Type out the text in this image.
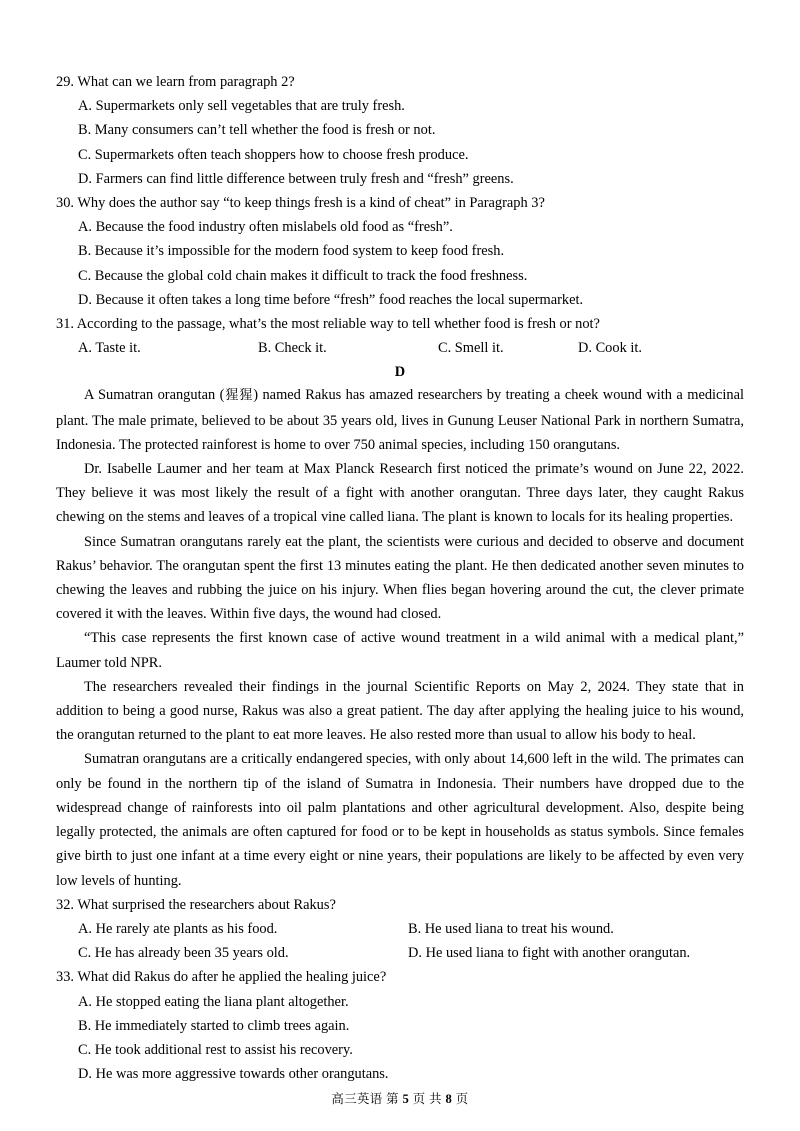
29. What can we learn from paragraph 2?
A. Supermarkets only sell vegetables that are truly fresh.
B. Many consumers can’t tell whether the food is fresh or not.
C. Supermarkets often teach shoppers how to choose fresh produce.
D. Farmers can find little difference between truly fresh and “fresh” greens.
30. Why does the author say “to keep things fresh is a kind of cheat” in Paragraph 3?
A. Because the food industry often mislabels old food as “fresh”.
B. Because it’s impossible for the modern food system to keep food fresh.
C. Because the global cold chain makes it difficult to track the food freshness.
D. Because it often takes a long time before “fresh” food reaches the local supermarket.
31. According to the passage, what’s the most reliable way to tell whether food is fresh or not?
A. Taste it.	B. Check it.	C. Smell it.	D. Cook it.
D

A Sumatran orangutan (猩猩) named Rakus has amazed researchers by treating a cheek wound with a medicinal plant. The male primate, believed to be about 35 years old, lives in Gunung Leuser National Park in northern Sumatra, Indonesia. The protected rainforest is home to over 750 animal species, including 150 orangutans.

Dr. Isabelle Laumer and her team at Max Planck Research first noticed the primate’s wound on June 22, 2022. They believe it was most likely the result of a fight with another orangutan. Three days later, they caught Rakus chewing on the stems and leaves of a tropical vine called liana. The plant is known to locals for its healing properties.

Since Sumatran orangutans rarely eat the plant, the scientists were curious and decided to observe and document Rakus’ behavior. The orangutan spent the first 13 minutes eating the plant. He then dedicated another seven minutes to chewing the leaves and rubbing the juice on his injury. When flies began hovering around the cut, the clever primate covered it with the leaves. Within five days, the wound had closed.

“This case represents the first known case of active wound treatment in a wild animal with a medical plant,” Laumer told NPR.

The researchers revealed their findings in the journal Scientific Reports on May 2, 2024. They state that in addition to being a good nurse, Rakus was also a great patient. The day after applying the healing juice to his wound, the orangutan returned to the plant to eat more leaves. He also rested more than usual to allow his body to heal.

Sumatran orangutans are a critically endangered species, with only about 14,600 left in the wild. The primates can only be found in the northern tip of the island of Sumatra in Indonesia. Their numbers have dropped due to the widespread change of rainforests into oil palm plantations and other agricultural development. Also, despite being legally protected, the animals are often captured for food or to be kept in households as status symbols. Since females give birth to just one infant at a time every eight or nine years, their populations are likely to be affected by even very low levels of hunting.

32. What surprised the researchers about Rakus?
A. He rarely ate plants as his food.	B. He used liana to treat his wound.
C. He has already been 35 years old.	D. He used liana to fight with another orangutan.
33. What did Rakus do after he applied the healing juice?
A. He stopped eating the liana plant altogether.
B. He immediately started to climb trees again.
C. He took additional rest to assist his recovery.
D. He was more aggressive towards other orangutans.
高三英语 第 5 页 共 8 页
